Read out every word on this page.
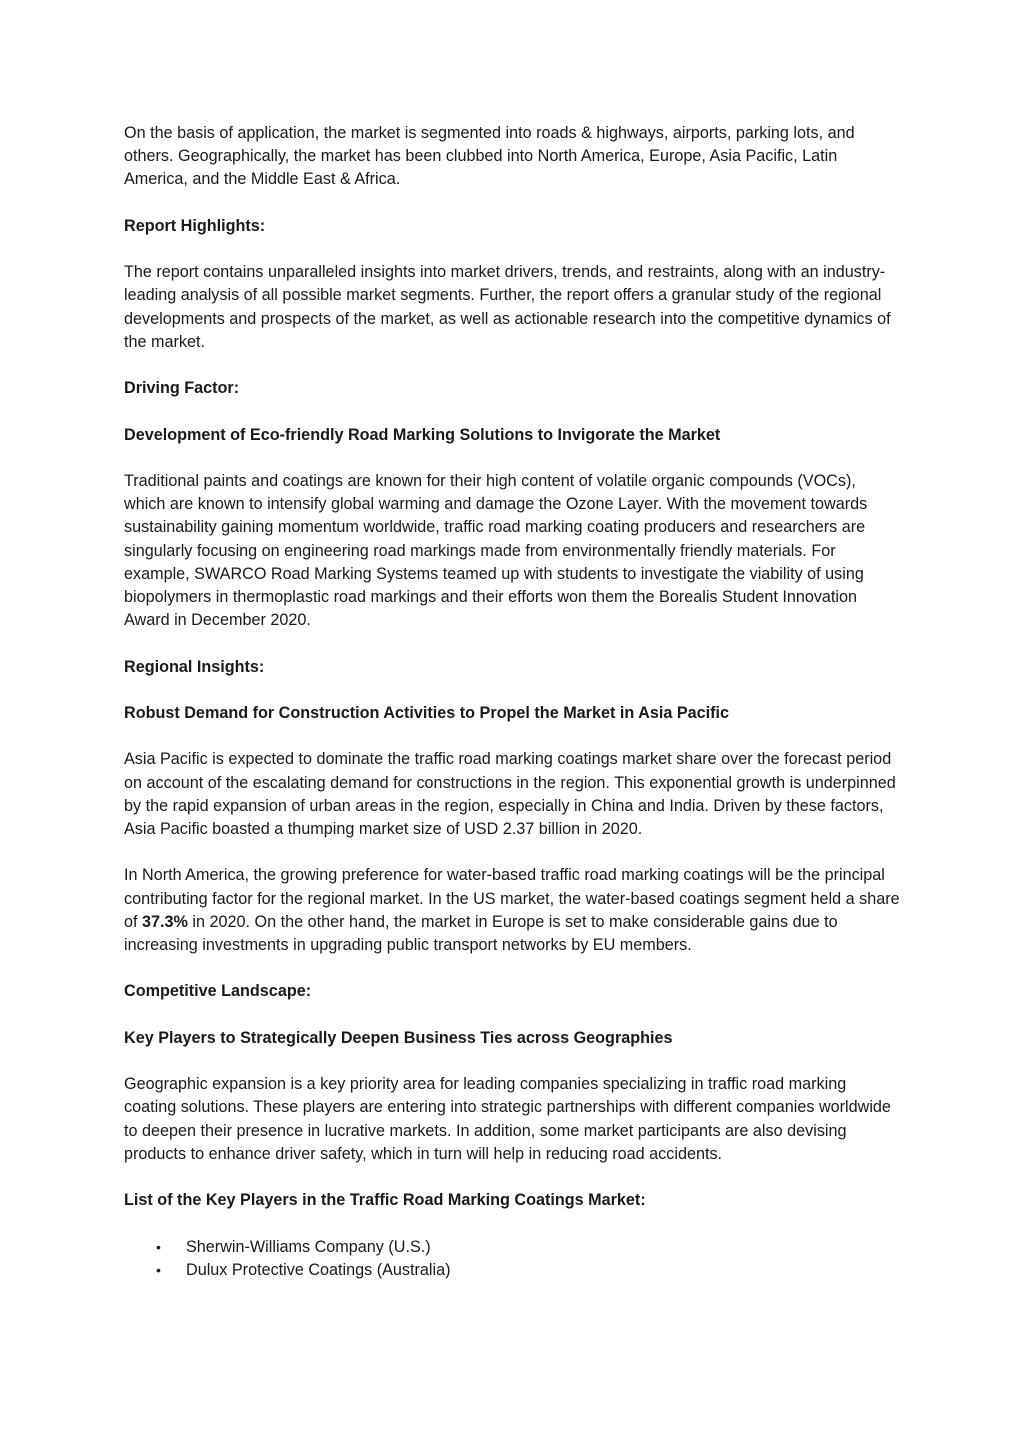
On the basis of application, the market is segmented into roads & highways, airports, parking lots, and others. Geographically, the market has been clubbed into North America, Europe, Asia Pacific, Latin America, and the Middle East & Africa.

Report Highlights:

The report contains unparalleled insights into market drivers, trends, and restraints, along with an industry-leading analysis of all possible market segments. Further, the report offers a granular study of the regional developments and prospects of the market, as well as actionable research into the competitive dynamics of the market.

Driving Factor:

Development of Eco-friendly Road Marking Solutions to Invigorate the Market

Traditional paints and coatings are known for their high content of volatile organic compounds (VOCs), which are known to intensify global warming and damage the Ozone Layer. With the movement towards sustainability gaining momentum worldwide, traffic road marking coating producers and researchers are singularly focusing on engineering road markings made from environmentally friendly materials. For example, SWARCO Road Marking Systems teamed up with students to investigate the viability of using biopolymers in thermoplastic road markings and their efforts won them the Borealis Student Innovation Award in December 2020.

Regional Insights:

Robust Demand for Construction Activities to Propel the Market in Asia Pacific

Asia Pacific is expected to dominate the traffic road marking coatings market share over the forecast period on account of the escalating demand for constructions in the region. This exponential growth is underpinned by the rapid expansion of urban areas in the region, especially in China and India. Driven by these factors, Asia Pacific boasted a thumping market size of USD 2.37 billion in 2020.

In North America, the growing preference for water-based traffic road marking coatings will be the principal contributing factor for the regional market. In the US market, the water-based coatings segment held a share of 37.3% in 2020. On the other hand, the market in Europe is set to make considerable gains due to increasing investments in upgrading public transport networks by EU members.

Competitive Landscape:

Key Players to Strategically Deepen Business Ties across Geographies

Geographic expansion is a key priority area for leading companies specializing in traffic road marking coating solutions. These players are entering into strategic partnerships with different companies worldwide to deepen their presence in lucrative markets. In addition, some market participants are also devising products to enhance driver safety, which in turn will help in reducing road accidents.

List of the Key Players in the Traffic Road Marking Coatings Market:

• Sherwin-Williams Company (U.S.)
• Dulux Protective Coatings (Australia)
